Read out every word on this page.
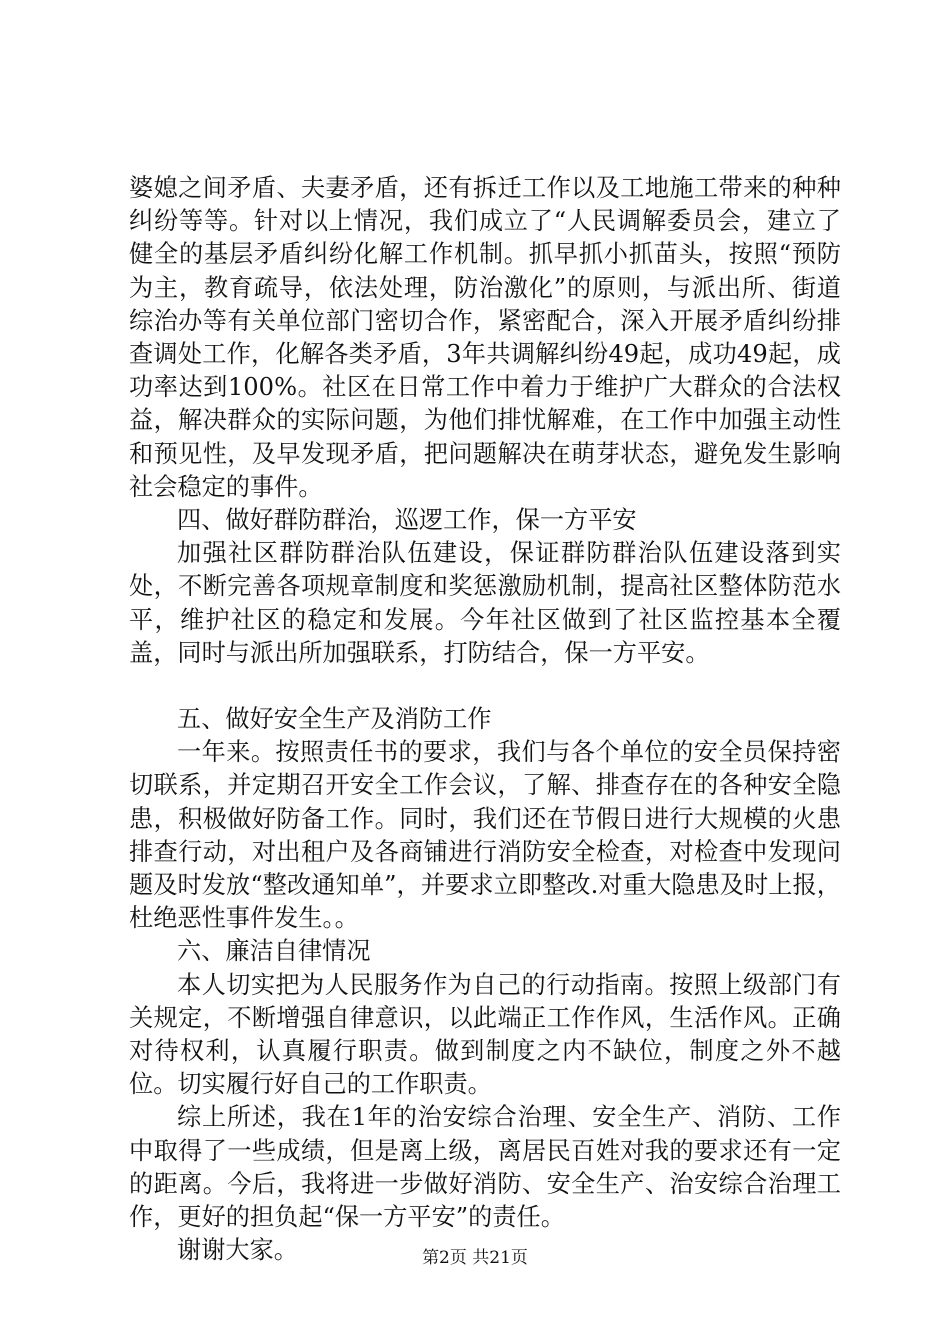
婆媳之间矛盾、夫妻矛盾，还有拆迁工作以及工地施工带来的种种纠纷等等。针对以上情况，我们成立了“人民调解委员会，建立了健全的基层矛盾纠纷化解工作机制。抓早抓小抓苗头，按照“预防为主，教育疏导，依法处理，防治激化”的原则，与派出所、街道综治办等有关单位部门密切合作，紧密配合，深入开展矛盾纠纷排查调处工作，化解各类矛盾，3年共调解纠纷49起，成功49起，成功率达到100%。社区在日常工作中着力于维护广大群众的合法权益，解决群众的实际问题，为他们排忧解难，在工作中加强主动性和预见性，及早发现矛盾，把问题解决在萌芽状态，避免发生影响社会稳定的事件。

四、做好群防群治，巡逻工作，保一方平安

加强社区群防群治队伍建设，保证群防群治队伍建设落到实处，不断完善各项规章制度和奖惩激励机制，提高社区整体防范水平，维护社区的稳定和发展。今年社区做到了社区监控基本全覆盖，同时与派出所加强联系，打防结合，保一方平安。

五、做好安全生产及消防工作

一年来。按照责任书的要求，我们与各个单位的安全员保持密切联系，并定期召开安全工作会议，了解、排查存在的各种安全隐患，积极做好防备工作。同时，我们还在节假日进行大规模的火患排查行动，对出租户及各商铺进行消防安全检查，对检查中发现问题及时发放“整改通知单”，并要求立即整改.对重大隐患及时上报，杜绝恶性事件发生。。

六、廉洁自律情况

本人切实把为人民服务作为自己的行动指南。按照上级部门有关规定，不断增强自律意识，以此端正工作作风，生活作风。正确对待权利，认真履行职责。做到制度之内不缺位，制度之外不越位。切实履行好自己的工作职责。

综上所述，我在1年的治安综合治理、安全生产、消防、工作中取得了一些成绩，但是离上级，离居民百姓对我的要求还有一定的距离。今后，我将进一步做好消防、安全生产、治安综合治理工作，更好的担负起“保一方平安”的责任。

谢谢大家。	第2页 共21页
